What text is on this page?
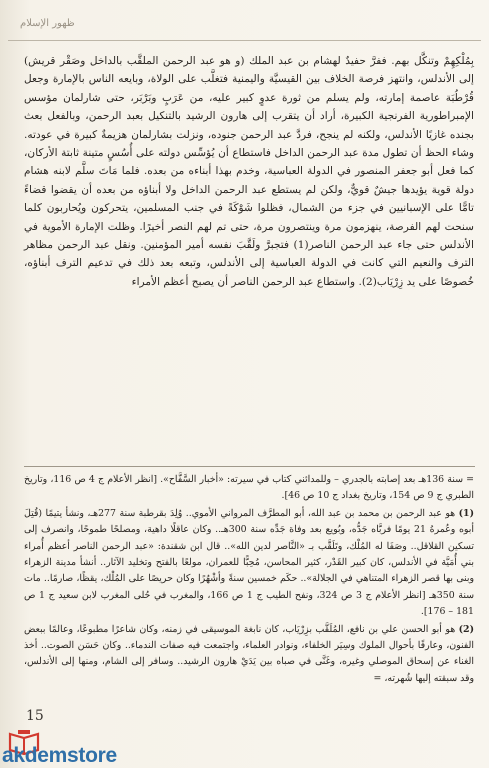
ظهور الإسلام

بِمُلْكِهِمْ وتنكَّل بهم. ففرَّ حفيدٌ لهشام بن عبد الملك (و هو عبد الرحمن الملقَّب بالداخل وصَقْر قريش) إلى الأندلس، وانتهز فرصة الخلاف بين القيسيَّة واليمنية فتغلَّب على الولاة، وبايعه الناس بالإمارة وجعل قُرْطُبَة عاصمة إمارته، ولم يسلم من ثورة عدوٍ كبير عليه، من عَرَبٍ وبَرْبَر، حتى شارلمان مؤسس الإمبراطورية الفرنجية الكبيرة، أراد أن يتقرب إلى هارون الرشيد بالتنكيل بعبد الرحمن، وبالفعل بعث بجنده غازيًا الأندلس، ولكنه لم ينجح، فردَّ عبد الرحمن جنوده، ونزلت بشارلمان هزيمةٌ كبيرة في عودته. وشاء الحظ أن تطول مدة عبد الرحمن الداخل فاستطاع أن يُؤسِّس دولته على أُسُسٍ متينة ثابتة الأركان، كما فعل أبو جعفر المنصور في الدولة العباسية، وخدم بهذا أبناءه من بعده. فلما مَاتَ سلَّم لابنه هشام دولة قوية يؤيدها جيشٌ قويٌّ، ولكن لم يستطع عبد الرحمن الداخل ولا أبناؤه من بعده أن يقضوا قضاءً تامًّا على الإسبانيين في جزء من الشمال، فظلوا شَوْكَةً في جنب المسلمين، يتحركون ويُحاربون كلما سنحت لهم الفرصة، ينهزمون مرة وينتصرون مرة، حتى تم لهم النصر أخيرًا. وظلت الإمارة الأموية في الأندلس حتى جاء عبد الرحمن الناصر(1) فتجبرَّ ولَقَّبَ نفسه أمير المؤمنين. ونقل عبد الرحمن مظاهر الترف والنعيم التي كانت في الدولة العباسية إلى الأندلس، وتبعه بعد ذلك في تدعيم الترف أبناؤه، خُصوصًا على يد زِرْيَاب(2). واستطاع عبد الرحمن الناصر أن يصبح أعظم الأمراء

= سنة 136هـ بعد إصابته بالجدري – وللمدائني كتاب في سيرته: «أخبار السَّفَّاح». [انظر الأعلام ج 4 ص 116، وتاريخ الطبري ج 9 ص 154، وتاريخ بغداد ج 10 ص 46].

(1) هو عبد الرحمن بن محمد بن عبد الله، أبو المطرَّف المرواني الأموي.. وُلِدَ بقرطبة سنة 277هـ، ونشأ يتيمًا (قُتِلَ أبوه وعُمرهُ 21 يومًا فربَّاه جَدُّه، وبُويع بعد وفاة جَدِّه سنة 300هـ.. وكان عاقلًا داهية، ومصلحًا طموحًا، وانصرف إلى تسكين القلاقل.. وصَفَا له المُلْك، وتَلَقَّب بـ «النَّاصر لدين الله».. قال ابن شقندة: «عبد الرحمن الناصر أعظم أُمراء بني أُمَيَّة في الأندلس، كان كبير القَدْر، كثير المحاسن، مُحِبًّا للعمران، مولعًا بالفتح وتخليد الآثار.. أنشأ مدينة الزهراء وبنى بها قصر الزهراء المتناهي في الجلالة».. حكَم خمسين سنةً وأشْهُرًا وكان حريصًا على المُلْك، يقظًا، صارمًا.. مات سنة 350هـ [انظر الأعلام ج 3 ص 324، ونفح الطيب ج 1 ص 166، والمغرب في حُلى المغرب لابن سعيد ج 1 ص 181 – 176].

(2) هو أبو الحسن علي بن نافع، المُلَقَّب بزِرْيَاب، كان نابغة الموسيقى في زمنه، وكان شاعرًا مطبوعًا، وعالمًا ببعض الفنون، وعارفًا بأحوال الملوك وسِيَر الخلفاء، ونوادر العلماء، واجتمعت فيه صفات الندماء.. وكان حَسَن الصوت.. أخذ الغناء عن إسحاق الموصلي وغيره، وغَنَّى في صباه بين يَدَيْ هارون الرشيد.. وسافر إلى الشام، ومنها إلى الأندلس، وقد سبقته إليها شُهرته، =

15
akdemstore
